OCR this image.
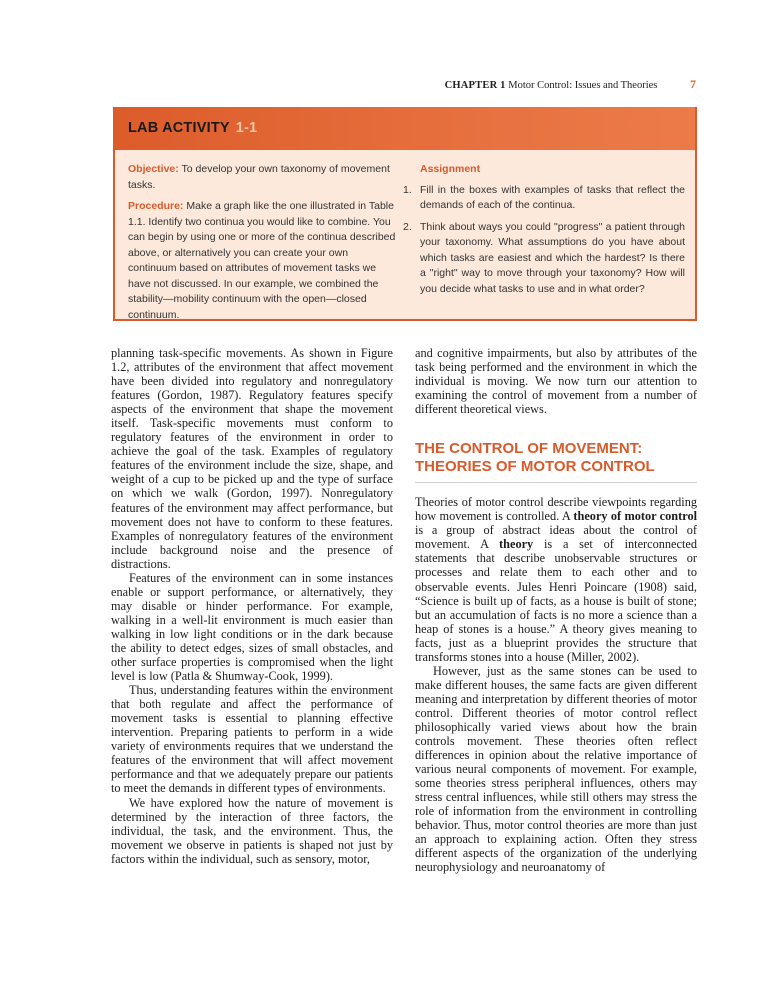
CHAPTER 1 Motor Control: Issues and Theories	7
LAB ACTIVITY 1-1

Objective: To develop your own taxonomy of movement tasks.

Procedure: Make a graph like the one illustrated in Table 1.1. Identify two continua you would like to combine. You can begin by using one or more of the continua described above, or alternatively you can create your own continuum based on attributes of movement tasks we have not discussed. In our example, we combined the stability—mobility continuum with the open—closed continuum.

Assignment
1. Fill in the boxes with examples of tasks that reflect the demands of each of the continua.
2. Think about ways you could "progress" a patient through your taxonomy. What assumptions do you have about which tasks are easiest and which the hardest? Is there a "right" way to move through your taxonomy? How will you decide what tasks to use and in what order?

planning task-specific movements. As shown in Figure 1.2, attributes of the environment that affect movement have been divided into regulatory and nonregulatory features (Gordon, 1987). Regulatory features specify aspects of the environment that shape the movement itself. Task-specific movements must conform to regulatory features of the environment in order to achieve the goal of the task. Examples of regulatory features of the environment include the size, shape, and weight of a cup to be picked up and the type of surface on which we walk (Gordon, 1997). Nonregulatory features of the environment may affect performance, but movement does not have to conform to these features. Examples of nonregulatory features of the environment include background noise and the presence of distractions.

Features of the environment can in some instances enable or support performance, or alternatively, they may disable or hinder performance. For example, walking in a well-lit environment is much easier than walking in low light conditions or in the dark because the ability to detect edges, sizes of small obstacles, and other surface properties is compromised when the light level is low (Patla & Shumway-Cook, 1999).

Thus, understanding features within the environment that both regulate and affect the performance of movement tasks is essential to planning effective intervention. Preparing patients to perform in a wide variety of environments requires that we understand the features of the environment that will affect movement performance and that we adequately prepare our patients to meet the demands in different types of environments.

We have explored how the nature of movement is determined by the interaction of three factors, the individual, the task, and the environment. Thus, the movement we observe in patients is shaped not just by factors within the individual, such as sensory, motor,

and cognitive impairments, but also by attributes of the task being performed and the environment in which the individual is moving. We now turn our attention to examining the control of movement from a number of different theoretical views.

THE CONTROL OF MOVEMENT:
THEORIES OF MOTOR CONTROL

Theories of motor control describe viewpoints regarding how movement is controlled. A theory of motor control is a group of abstract ideas about the control of movement. A theory is a set of interconnected statements that describe unobservable structures or processes and relate them to each other and to observable events. Jules Henri Poincare (1908) said, “Science is built up of facts, as a house is built of stone; but an accumulation of facts is no more a science than a heap of stones is a house.” A theory gives meaning to facts, just as a blueprint provides the structure that transforms stones into a house (Miller, 2002).

However, just as the same stones can be used to make different houses, the same facts are given different meaning and interpretation by different theories of motor control. Different theories of motor control reflect philosophically varied views about how the brain controls movement. These theories often reflect differences in opinion about the relative importance of various neural components of movement. For example, some theories stress peripheral influences, others may stress central influences, while still others may stress the role of information from the environment in controlling behavior. Thus, motor control theories are more than just an approach to explaining action. Often they stress different aspects of the organization of the underlying neurophysiology and neuroanatomy of
